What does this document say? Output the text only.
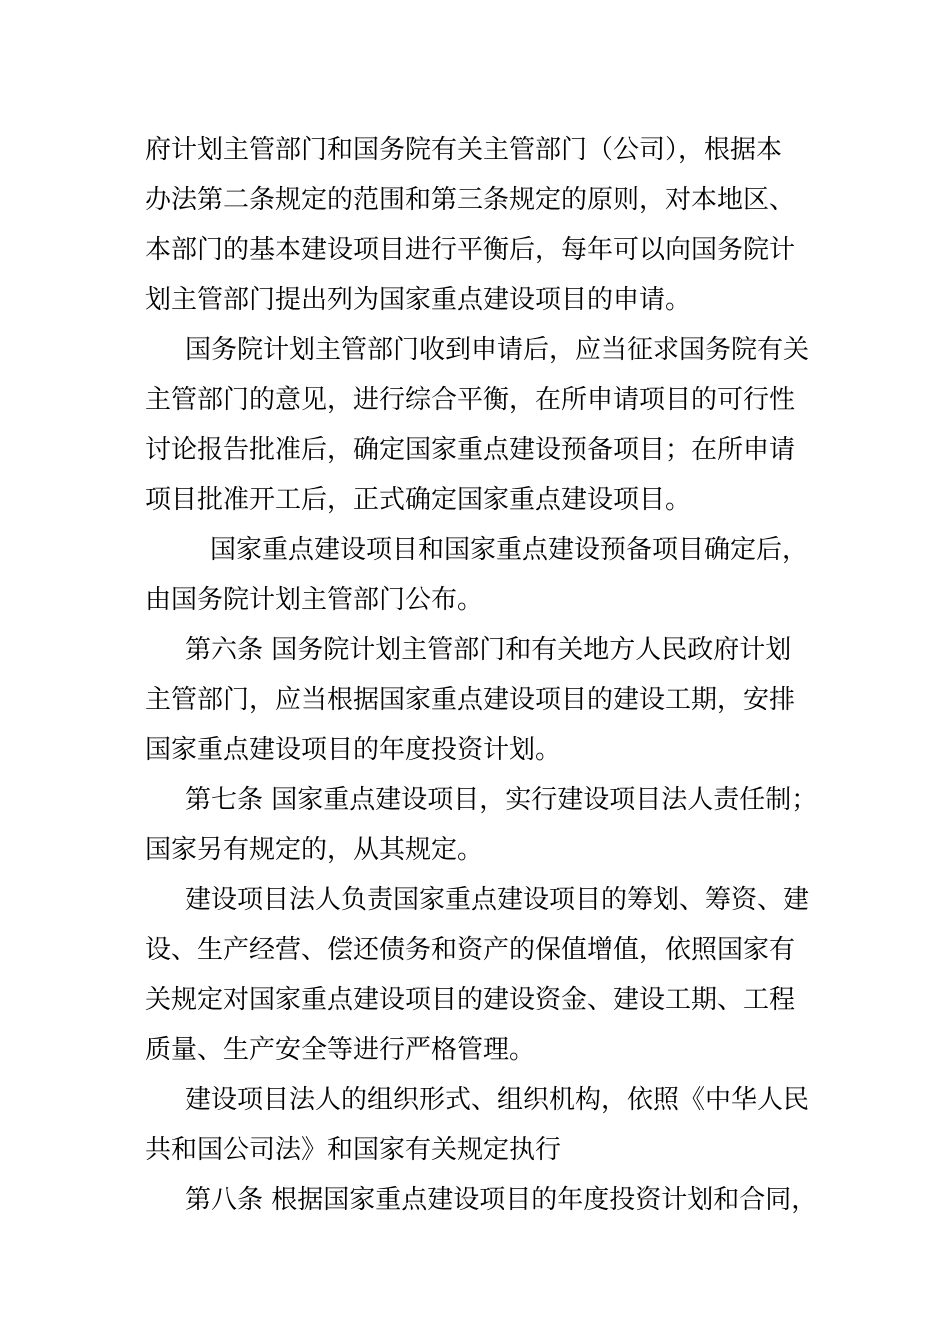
府计划主管部门和国务院有关主管部门（公司），根据本
办法第二条规定的范围和第三条规定的原则，对本地区、
本部门的基本建设项目进行平衡后，每年可以向国务院计
划主管部门提出列为国家重点建设项目的申请。
国务院计划主管部门收到申请后，应当征求国务院有关
主管部门的意见，进行综合平衡，在所申请项目的可行性
讨论报告批准后，确定国家重点建设预备项目；在所申请
项目批准开工后，正式确定国家重点建设项目。
国家重点建设项目和国家重点建设预备项目确定后，
由国务院计划主管部门公布。
第六条 国务院计划主管部门和有关地方人民政府计划
主管部门，应当根据国家重点建设项目的建设工期，安排
国家重点建设项目的年度投资计划。
第七条 国家重点建设项目，实行建设项目法人责任制；
国家另有规定的，从其规定。
建设项目法人负责国家重点建设项目的筹划、筹资、建
设、生产经营、偿还债务和资产的保值增值，依照国家有
关规定对国家重点建设项目的建设资金、建设工期、工程
质量、生产安全等进行严格管理。
建设项目法人的组织形式、组织机构，依照《中华人民
共和国公司法》和国家有关规定执行
第八条 根据国家重点建设项目的年度投资计划和合同，
